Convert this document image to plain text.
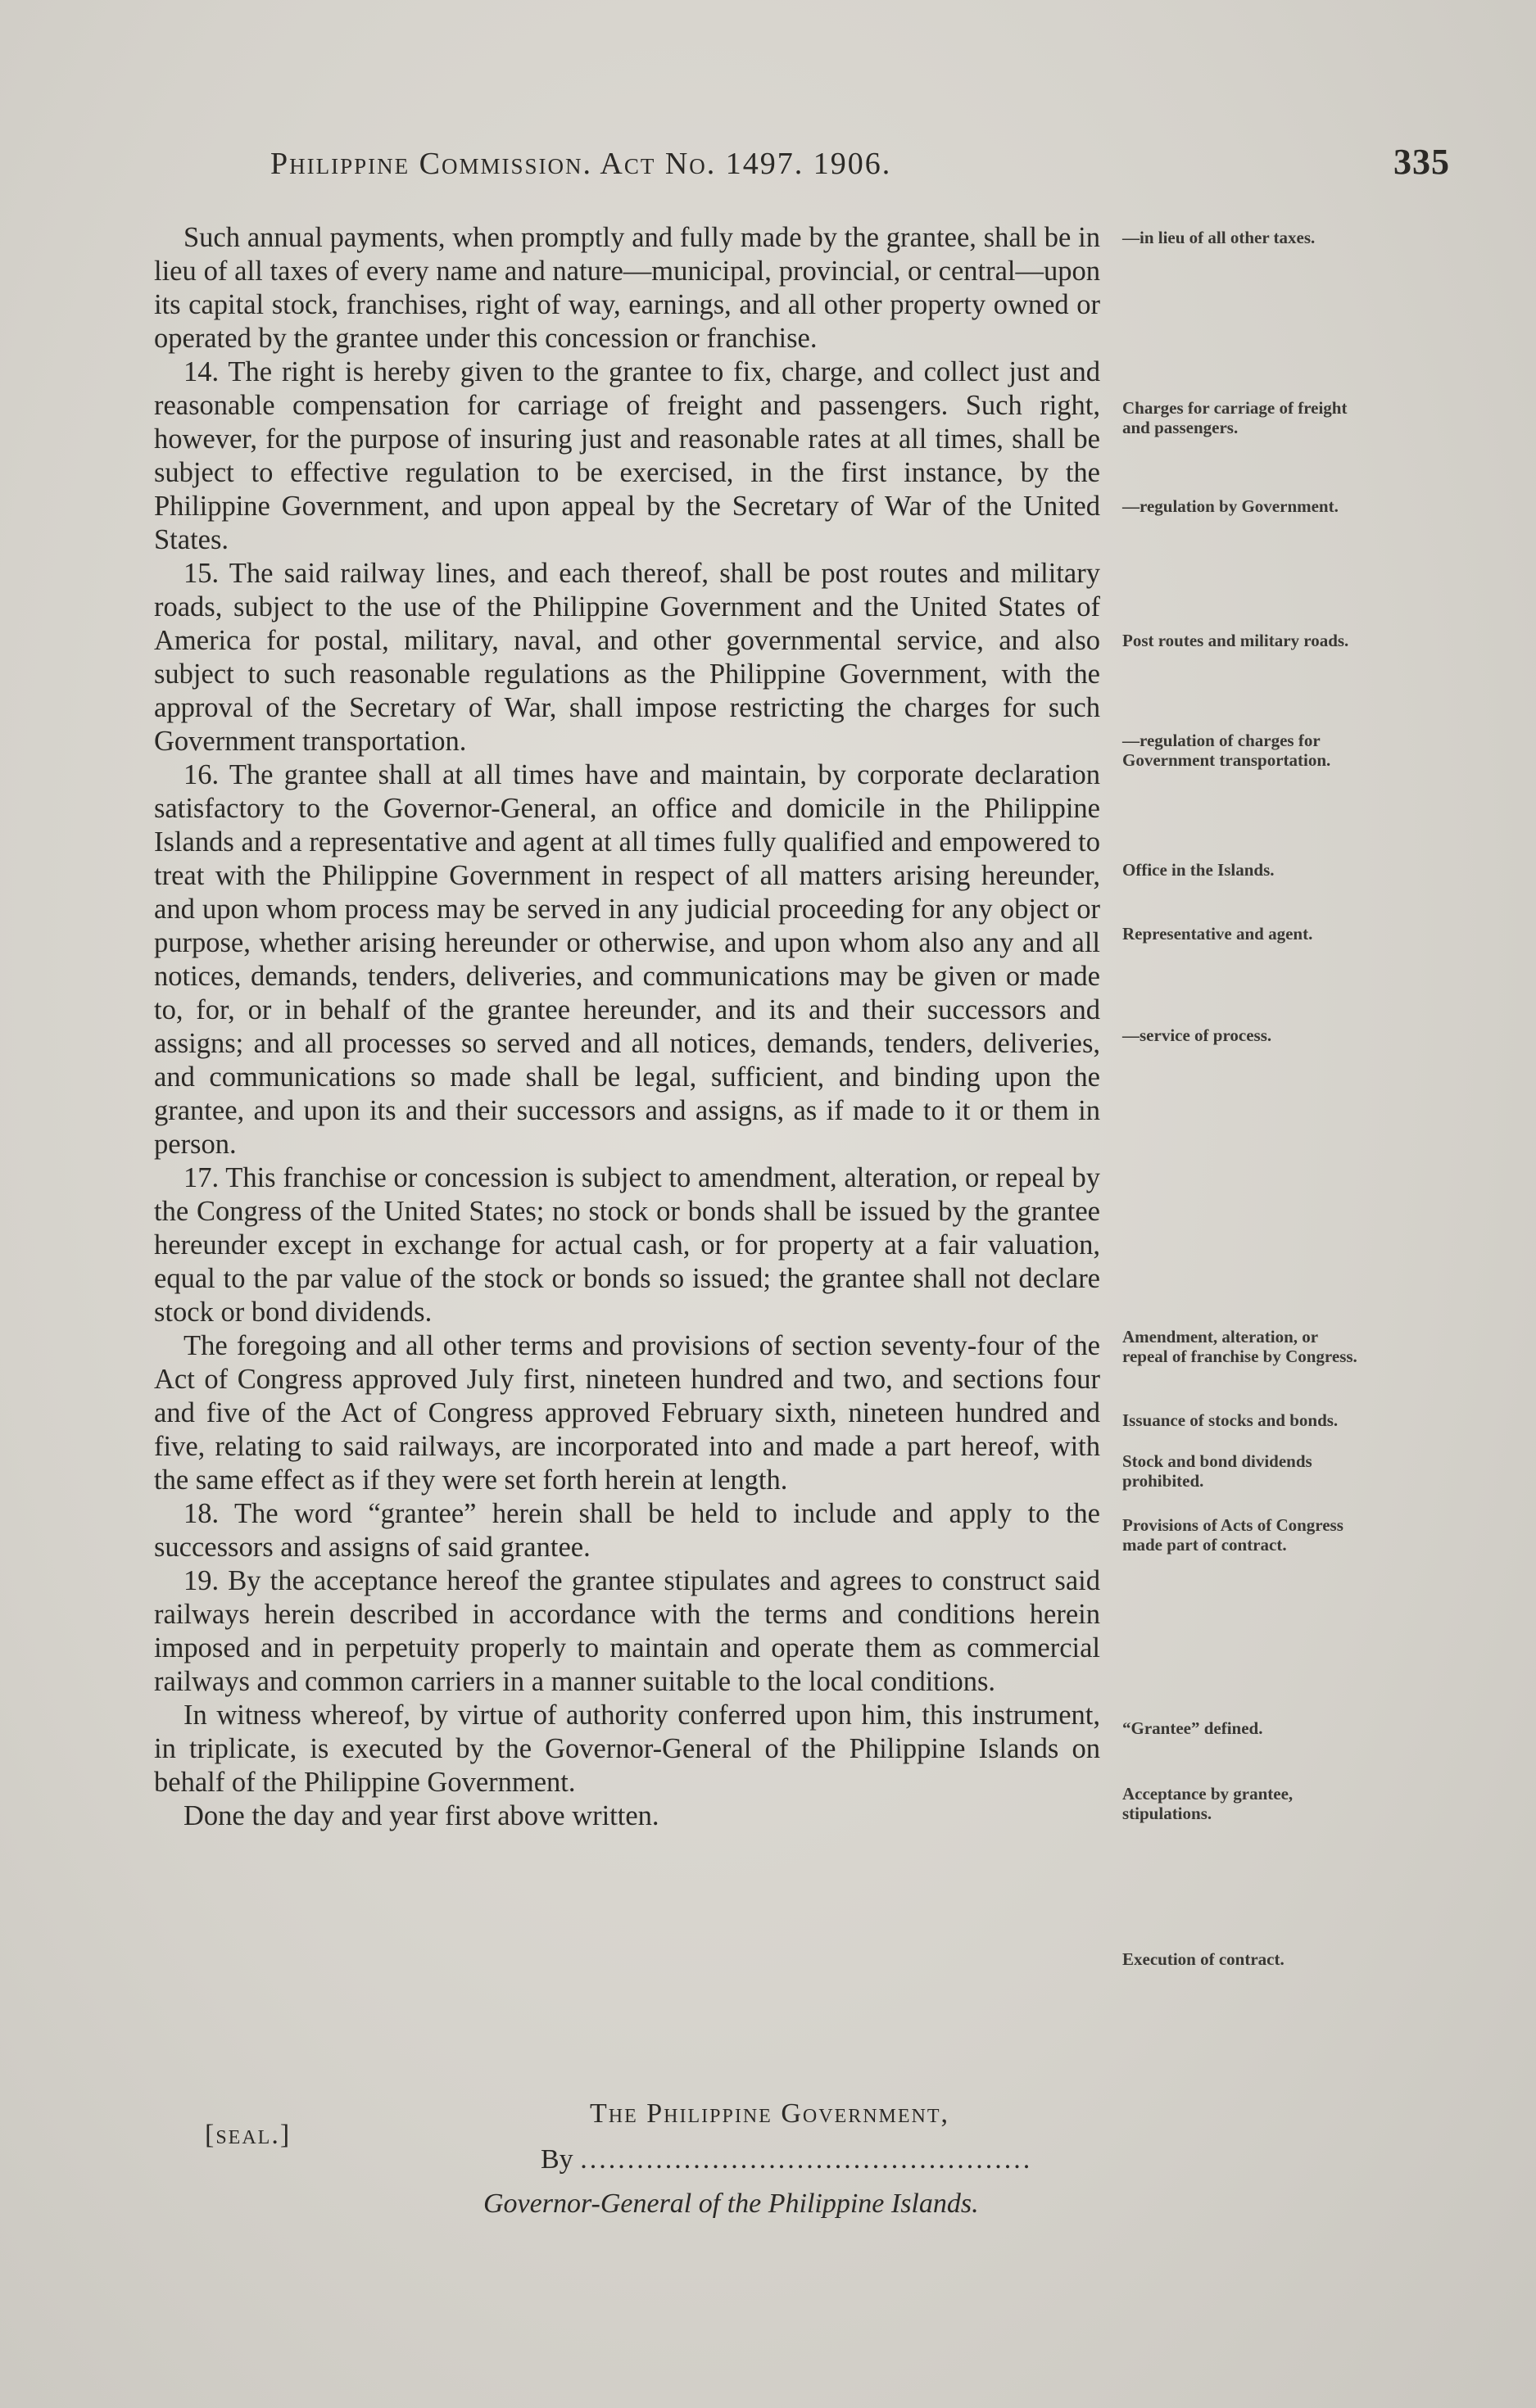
Philippine Commission. Act No. 1497. 1906.	335

Such annual payments, when promptly and fully made by the grantee, shall be in lieu of all taxes of every name and nature—municipal, provincial, or central—upon its capital stock, franchises, right of way, earnings, and all other property owned or operated by the grantee under this concession or franchise.

14. The right is hereby given to the grantee to fix, charge, and collect just and reasonable compensation for carriage of freight and passengers. Such right, however, for the purpose of insuring just and reasonable rates at all times, shall be subject to effective regulation to be exercised, in the first instance, by the Philippine Government, and upon appeal by the Secretary of War of the United States.

15. The said railway lines, and each thereof, shall be post routes and military roads, subject to the use of the Philippine Government and the United States of America for postal, military, naval, and other governmental service, and also subject to such reasonable regulations as the Philippine Government, with the approval of the Secretary of War, shall impose restricting the charges for such Government transportation.

16. The grantee shall at all times have and maintain, by corporate declaration satisfactory to the Governor-General, an office and domicile in the Philippine Islands and a representative and agent at all times fully qualified and empowered to treat with the Philippine Government in respect of all matters arising hereunder, and upon whom process may be served in any judicial proceeding for any object or purpose, whether arising hereunder or otherwise, and upon whom also any and all notices, demands, tenders, deliveries, and communications may be given or made to, for, or in behalf of the grantee hereunder, and its and their successors and assigns; and all processes so served and all notices, demands, tenders, deliveries, and communications so made shall be legal, sufficient, and binding upon the grantee, and upon its and their successors and assigns, as if made to it or them in person.

17. This franchise or concession is subject to amendment, alteration, or repeal by the Congress of the United States; no stock or bonds shall be issued by the grantee hereunder except in exchange for actual cash, or for property at a fair valuation, equal to the par value of the stock or bonds so issued; the grantee shall not declare stock or bond dividends.

The foregoing and all other terms and provisions of section seventy-four of the Act of Congress approved July first, nineteen hundred and two, and sections four and five of the Act of Congress approved February sixth, nineteen hundred and five, relating to said railways, are incorporated into and made a part hereof, with the same effect as if they were set forth herein at length.

18. The word “grantee” herein shall be held to include and apply to the successors and assigns of said grantee.

19. By the acceptance hereof the grantee stipulates and agrees to construct said railways herein described in accordance with the terms and conditions herein imposed and in perpetuity properly to maintain and operate them as commercial railways and common carriers in a manner suitable to the local conditions.

In witness whereof, by virtue of authority conferred upon him, this instrument, in triplicate, is executed by the Governor-General of the Philippine Islands on behalf of the Philippine Government.

Done the day and year first above written.

—in lieu of all other taxes.
Charges for carriage of freight and passengers.
—regulation by Government.
Post routes and military roads.
—regulation of charges for Government transportation.
Office in the Islands.
Representative and agent.
—service of process.
Amendment, alteration, or repeal of franchise by Congress.
Issuance of stocks and bonds.
Stock and bond dividends prohibited.
Provisions of Acts of Congress made part of contract.
“Grantee” defined.
Acceptance by grantee, stipulations.
Execution of contract.
[seal.]
The Philippine Government,
By ................................................
Governor-General of the Philippine Islands.
